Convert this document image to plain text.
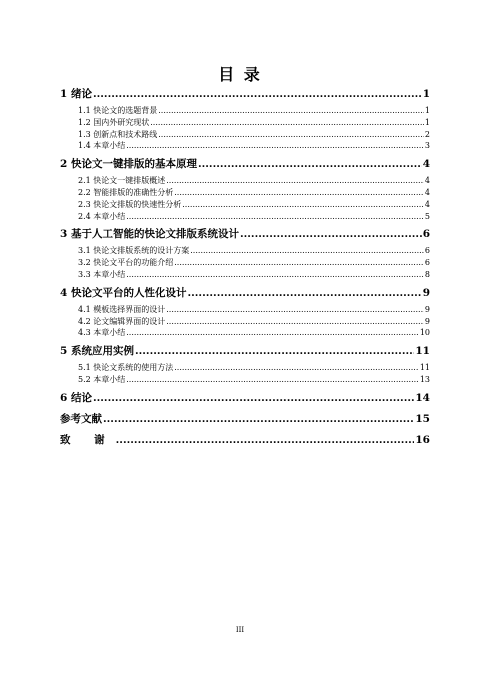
目 录
1 绪论 .....	1
1.1 快论文的选题背景 .....	1
1.2 国内外研究现状 .....	1
1.3 创新点和技术路线 .....	2
1.4 本章小结 .....	3
2 快论文一键排版的基本原理 .....	4
2.1 快论文一键排版概述 .....	4
2.2 智能排版的准确性分析 .....	4
2.3 快论文排版的快速性分析 .....	4
2.4 本章小结 .....	5
3 基于人工智能的快论文排版系统设计 .....	6
3.1 快论文排版系统的设计方案 .....	6
3.2 快论文平台的功能介绍 .....	6
3.3 本章小结 .....	8
4 快论文平台的人性化设计 .....	9
4.1 模板选择界面的设计 .....	9
4.2 论文编辑界面的设计 .....	9
4.3 本章小结 .....	10
5 系统应用实例 .....	11
5.1 快论文系统的使用方法 .....	11
5.2 本章小结 .....	13
6 结论 .....	14
参考文献 .....	15
致 谢 .....	16
III
